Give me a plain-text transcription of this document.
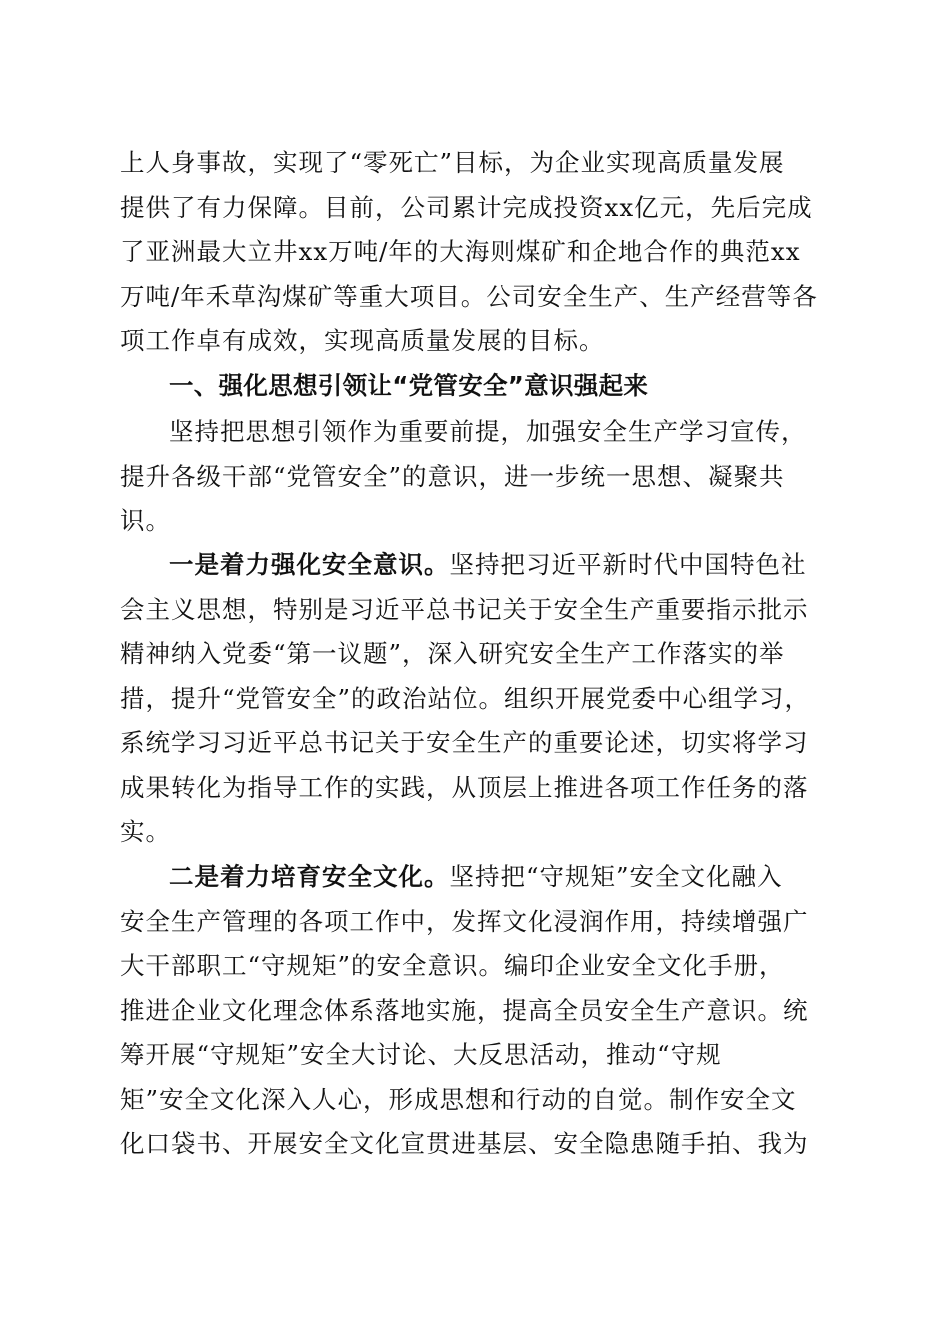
上人身事故，实现了“零死亡”目标，为企业实现高质量发展
提供了有力保障。目前，公司累计完成投资xx亿元，先后完成
了亚洲最大立井xx万吨/年的大海则煤矿和企地合作的典范xx
万吨/年禾草沟煤矿等重大项目。公司安全生产、生产经营等各
项工作卓有成效，实现高质量发展的目标。
一、强化思想引领让“党管安全”意识强起来
坚持把思想引领作为重要前提，加强安全生产学习宣传，
提升各级干部“党管安全”的意识，进一步统一思想、凝聚共
识。
一是着力强化安全意识。坚持把习近平新时代中国特色社
会主义思想，特别是习近平总书记关于安全生产重要指示批示
精神纳入党委“第一议题”，深入研究安全生产工作落实的举
措，提升“党管安全”的政治站位。组织开展党委中心组学习，
系统学习习近平总书记关于安全生产的重要论述，切实将学习
成果转化为指导工作的实践，从顶层上推进各项工作任务的落
实。
二是着力培育安全文化。坚持把“守规矩”安全文化融入
安全生产管理的各项工作中，发挥文化浸润作用，持续增强广
大干部职工“守规矩”的安全意识。编印企业安全文化手册，
推进企业文化理念体系落地实施，提高全员安全生产意识。统
筹开展“守规矩”安全大讨论、大反思活动，推动“守规
矩”安全文化深入人心，形成思想和行动的自觉。制作安全文
化口袋书、开展安全文化宣贯进基层、安全隐患随手拍、我为
